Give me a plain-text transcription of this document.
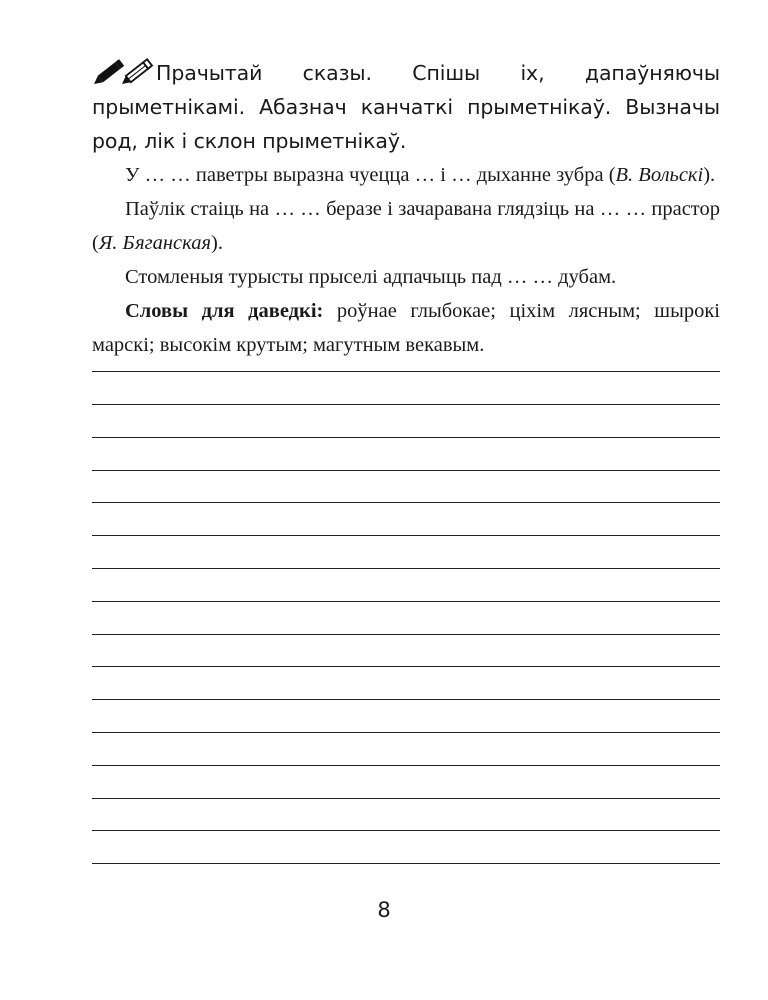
Прачытай сказы. Спішы іх, дапаўняючы прыметнікамі. Абазнач канчаткі прыметнікаў. Вызначы род, лік і склон прыметнікаў.

У … … паветры выразна чуецца … і … дыханне зубра (В. Вольскі).

Паўлік стаіць на … … беразе і зачаравана глядзіць на … … прастор (Я. Бяганская).

Стомленыя турысты прыселі адпачыць пад … … дубам.

Словы для даведкі: роўнае глыбокае; ціхім лясным; шырокі марскі; высокім крутым; магутным векавым.

8
